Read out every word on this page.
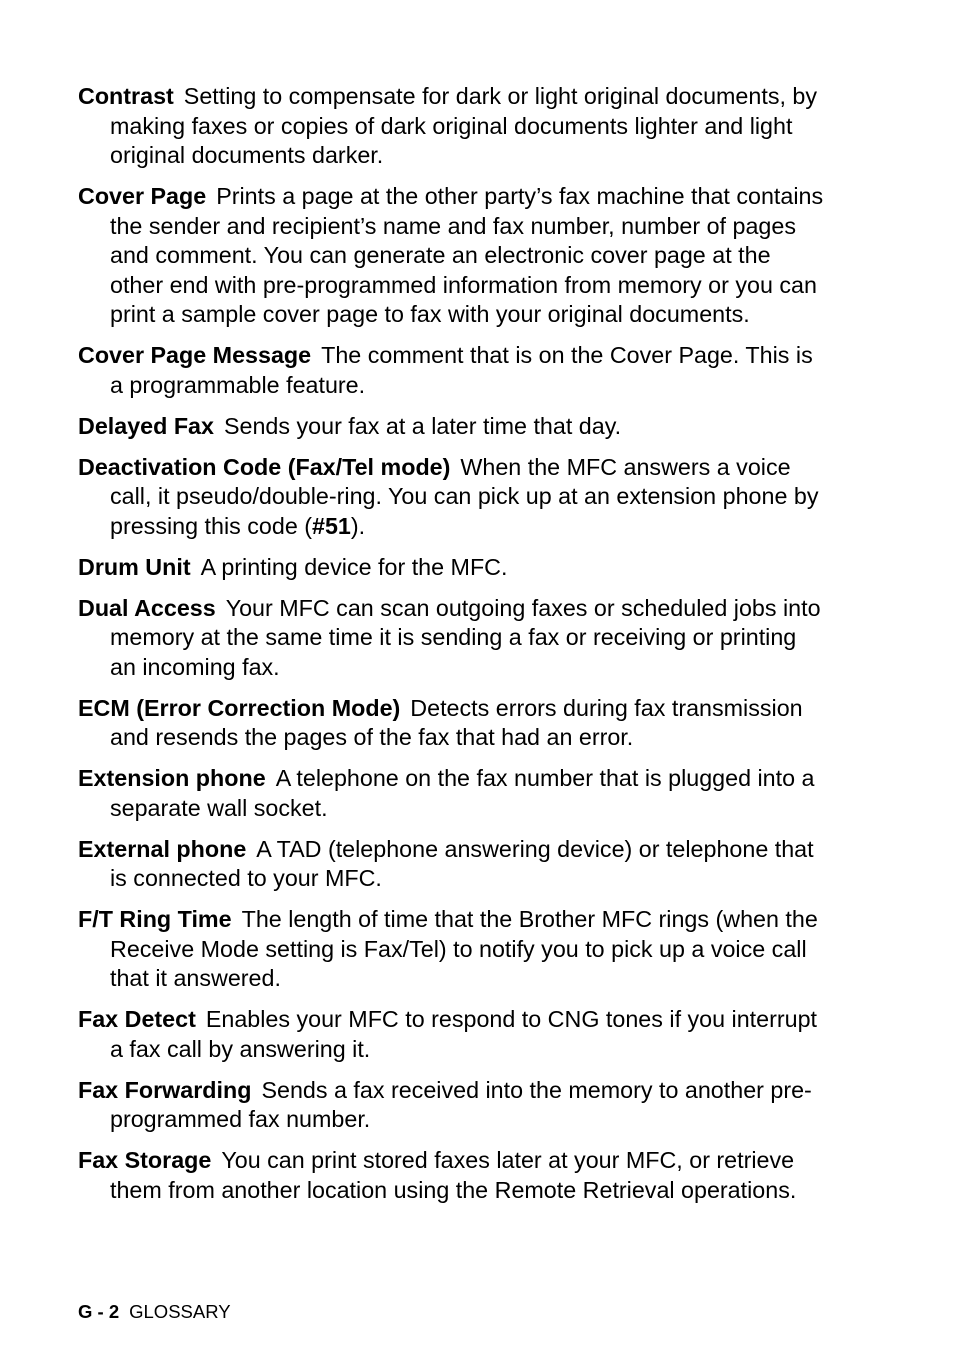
Contrast Setting to compensate for dark or light original documents, by making faxes or copies of dark original documents lighter and light original documents darker.

Cover Page Prints a page at the other party’s fax machine that contains the sender and recipient’s name and fax number, number of pages and comment. You can generate an electronic cover page at the other end with pre-programmed information from memory or you can print a sample cover page to fax with your original documents.

Cover Page Message The comment that is on the Cover Page. This is a programmable feature.

Delayed Fax Sends your fax at a later time that day.

Deactivation Code (Fax/Tel mode) When the MFC answers a voice call, it pseudo/double-ring. You can pick up at an extension phone by pressing this code (#51).

Drum Unit A printing device for the MFC.

Dual Access Your MFC can scan outgoing faxes or scheduled jobs into memory at the same time it is sending a fax or receiving or printing an incoming fax.

ECM (Error Correction Mode) Detects errors during fax transmission and resends the pages of the fax that had an error.

Extension phone A telephone on the fax number that is plugged into a separate wall socket.

External phone A TAD (telephone answering device) or telephone that is connected to your MFC.

F/T Ring Time The length of time that the Brother MFC rings (when the Receive Mode setting is Fax/Tel) to notify you to pick up a voice call that it answered.

Fax Detect Enables your MFC to respond to CNG tones if you interrupt a fax call by answering it.

Fax Forwarding Sends a fax received into the memory to another pre-programmed fax number.

Fax Storage You can print stored faxes later at your MFC, or retrieve them from another location using the Remote Retrieval operations.

G - 2 GLOSSARY
